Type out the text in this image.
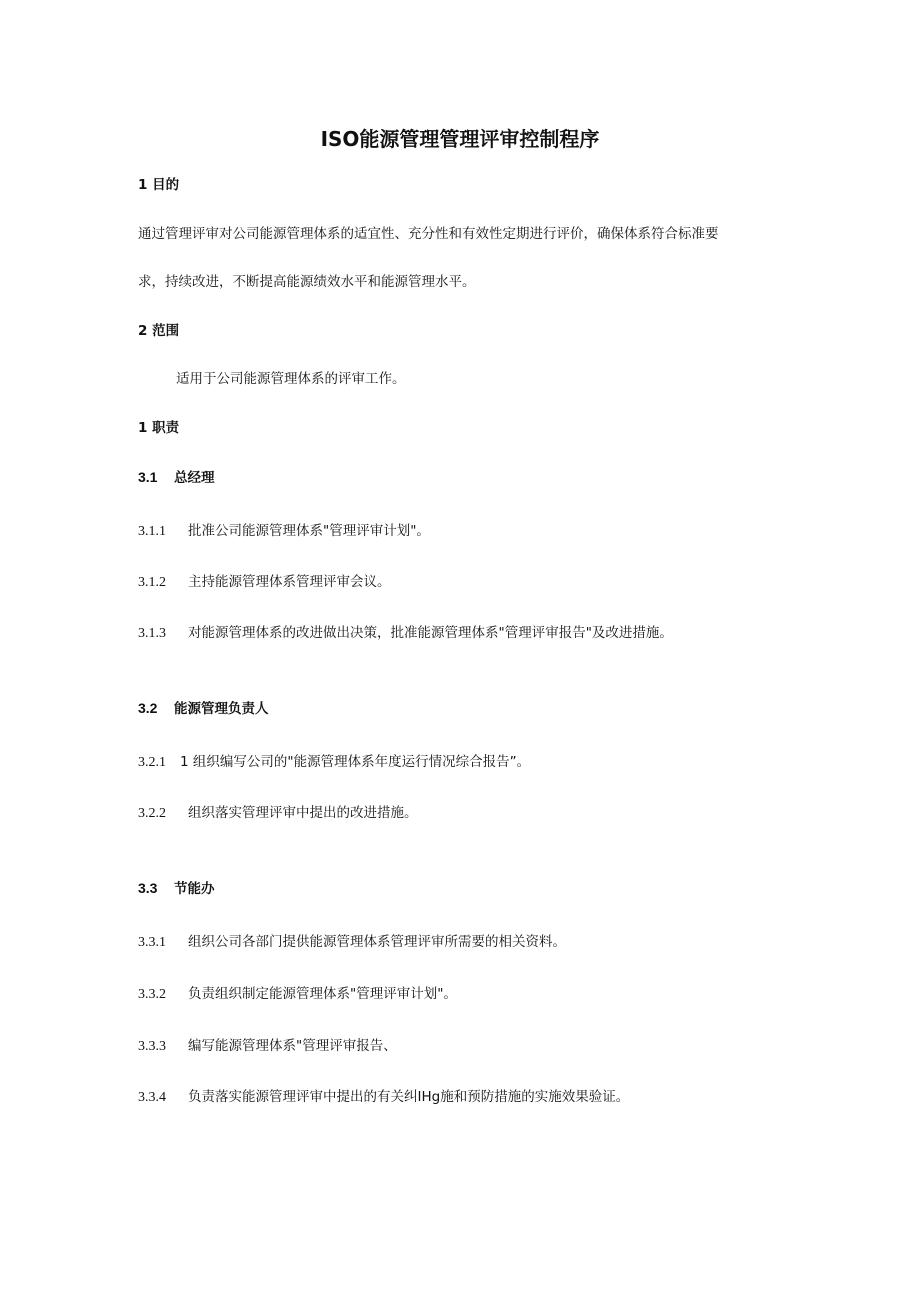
ISO能源管理管理评审控制程序
1 目的
通过管理评审对公司能源管理体系的适宜性、充分性和有效性定期进行评价，确保体系符合标准要
求，持续改进，不断提高能源绩效水平和能源管理水平。
2 范围
适用于公司能源管理体系的评审工作。
1 职责
3.1 总经理
3.1.1 批准公司能源管理体系"管理评审计划"。
3.1.2 主持能源管理体系管理评审会议。
3.1.3 对能源管理体系的改进做出决策，批准能源管理体系"管理评审报告"及改进措施。
3.2 能源管理负责人
3.2.1 1 组织编写公司的"能源管理体系年度运行情况综合报告”。
3.2.2 组织落实管理评审中提出的改进措施。
3.3 节能办
3.3.1 组织公司各部门提供能源管理体系管理评审所需要的相关资料。
3.3.2 负责组织制定能源管理体系"管理评审计划"。
3.3.3 编写能源管理体系"管理评审报告、
3.3.4 负责落实能源管理评审中提出的有关纠IHg施和预防措施的实施效果验证。
